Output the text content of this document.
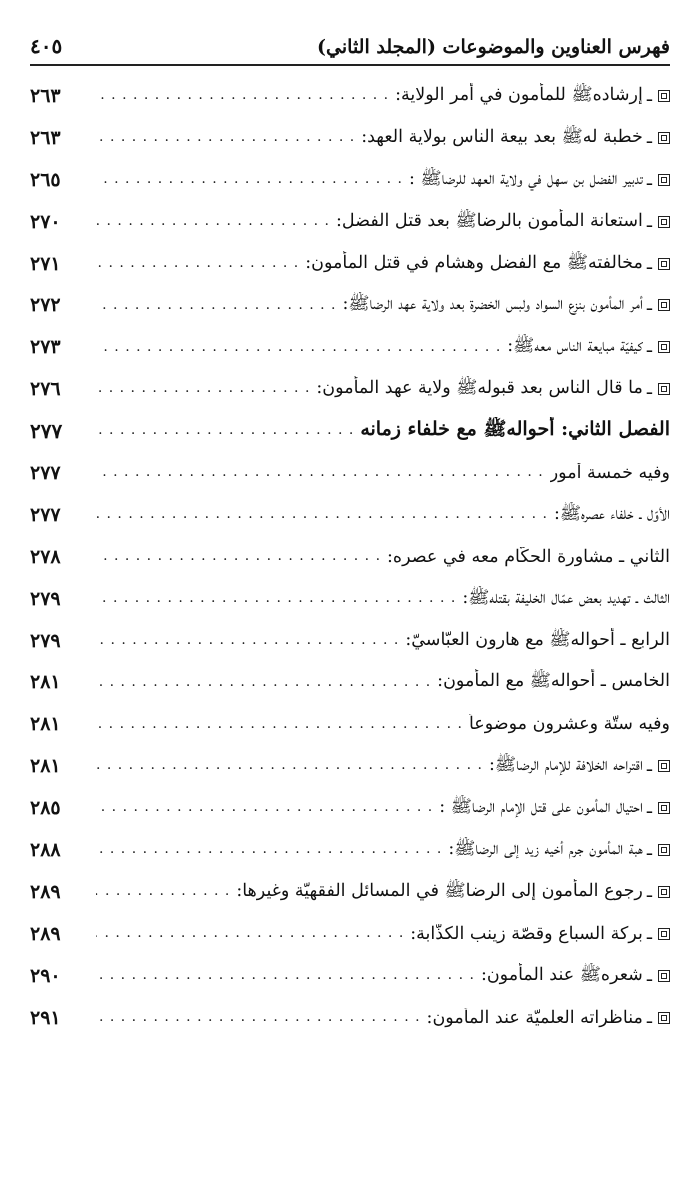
فهرس العناوين والموضوعات (المجلد الثاني)
٤٠٥
ـ
إرشاده‌ﷺ للمأمون في أمر الولاية:
. . .
٢٦٣
ـ
خطبة له‌ﷺ بعد بيعة الناس بولاية العهد:
. . .
٢٦٣
ـ
تدبير الفضل بن سهل في ولاية العهد للرضا‌ﷺ :
. . .
٢٦٥
ـ
استعانة المأمون بالرضا‌ﷺ بعد قتل الفضل:
. . .
٢٧٠
ـ
مخالفته‌ﷺ مع الفضل وهشام في قتل المأمون:
. . .
٢٧١
ـ
أمر المأمون بنزع السواد ولبس الخضرة بعد ولاية عهد الرضا‌ﷺ:
. . .
٢٧٢
ـ
كيفيّة مبايعة الناس معه‌ﷺ:
. . .
٢٧٣
ـ
ما قال الناس بعد قبوله‌ﷺ ولاية عهد المأمون:
. . .
٢٧٦
الفصل الثاني: أحواله‌ﷺ مع خلفاء زمانه
. . .
٢٧٧
وفيه خمسة أمور
. . .
٢٧٧
الأوّل ـ خلفاء عصره‌ﷺ:
. . .
٢٧٧
الثاني ـ مشاورة الحكّام معه في عصره:
. . .
٢٧٨
الثالث ـ تهديد بعض عمّال الخليفة بقتله‌ﷺ:
. . .
٢٧٩
الرابع ـ أحواله‌ﷺ مع هارون العبّاسيّ:
. . .
٢٧٩
الخامس ـ أحواله‌ﷺ مع المأمون:
. . .
٢٨١
وفيه ستّة وعشرون موضوعاً
. . .
٢٨١
ـ
اقتراحه الخلافة للإمام الرضا‌ﷺ:
. . .
٢٨١
ـ
احتيال المأمون على قتل الإمام الرضا‌ﷺ :
. . .
٢٨٥
ـ
هبة المأمون جرم أخيه زيد إلى الرضا‌ﷺ:
. . .
٢٨٨
ـ
رجوع المأمون إلى الرضا‌ﷺ في المسائل الفقهيّة وغيرها:
. . .
٢٨٩
ـ
بركة السباع وقصّة زينب الكذّابة:
. . .
٢٨٩
ـ
شعره‌ﷺ عند المأمون:
. . .
٢٩٠
ـ
مناظراته العلميّة عند المأمون:
. . .
٢٩١
